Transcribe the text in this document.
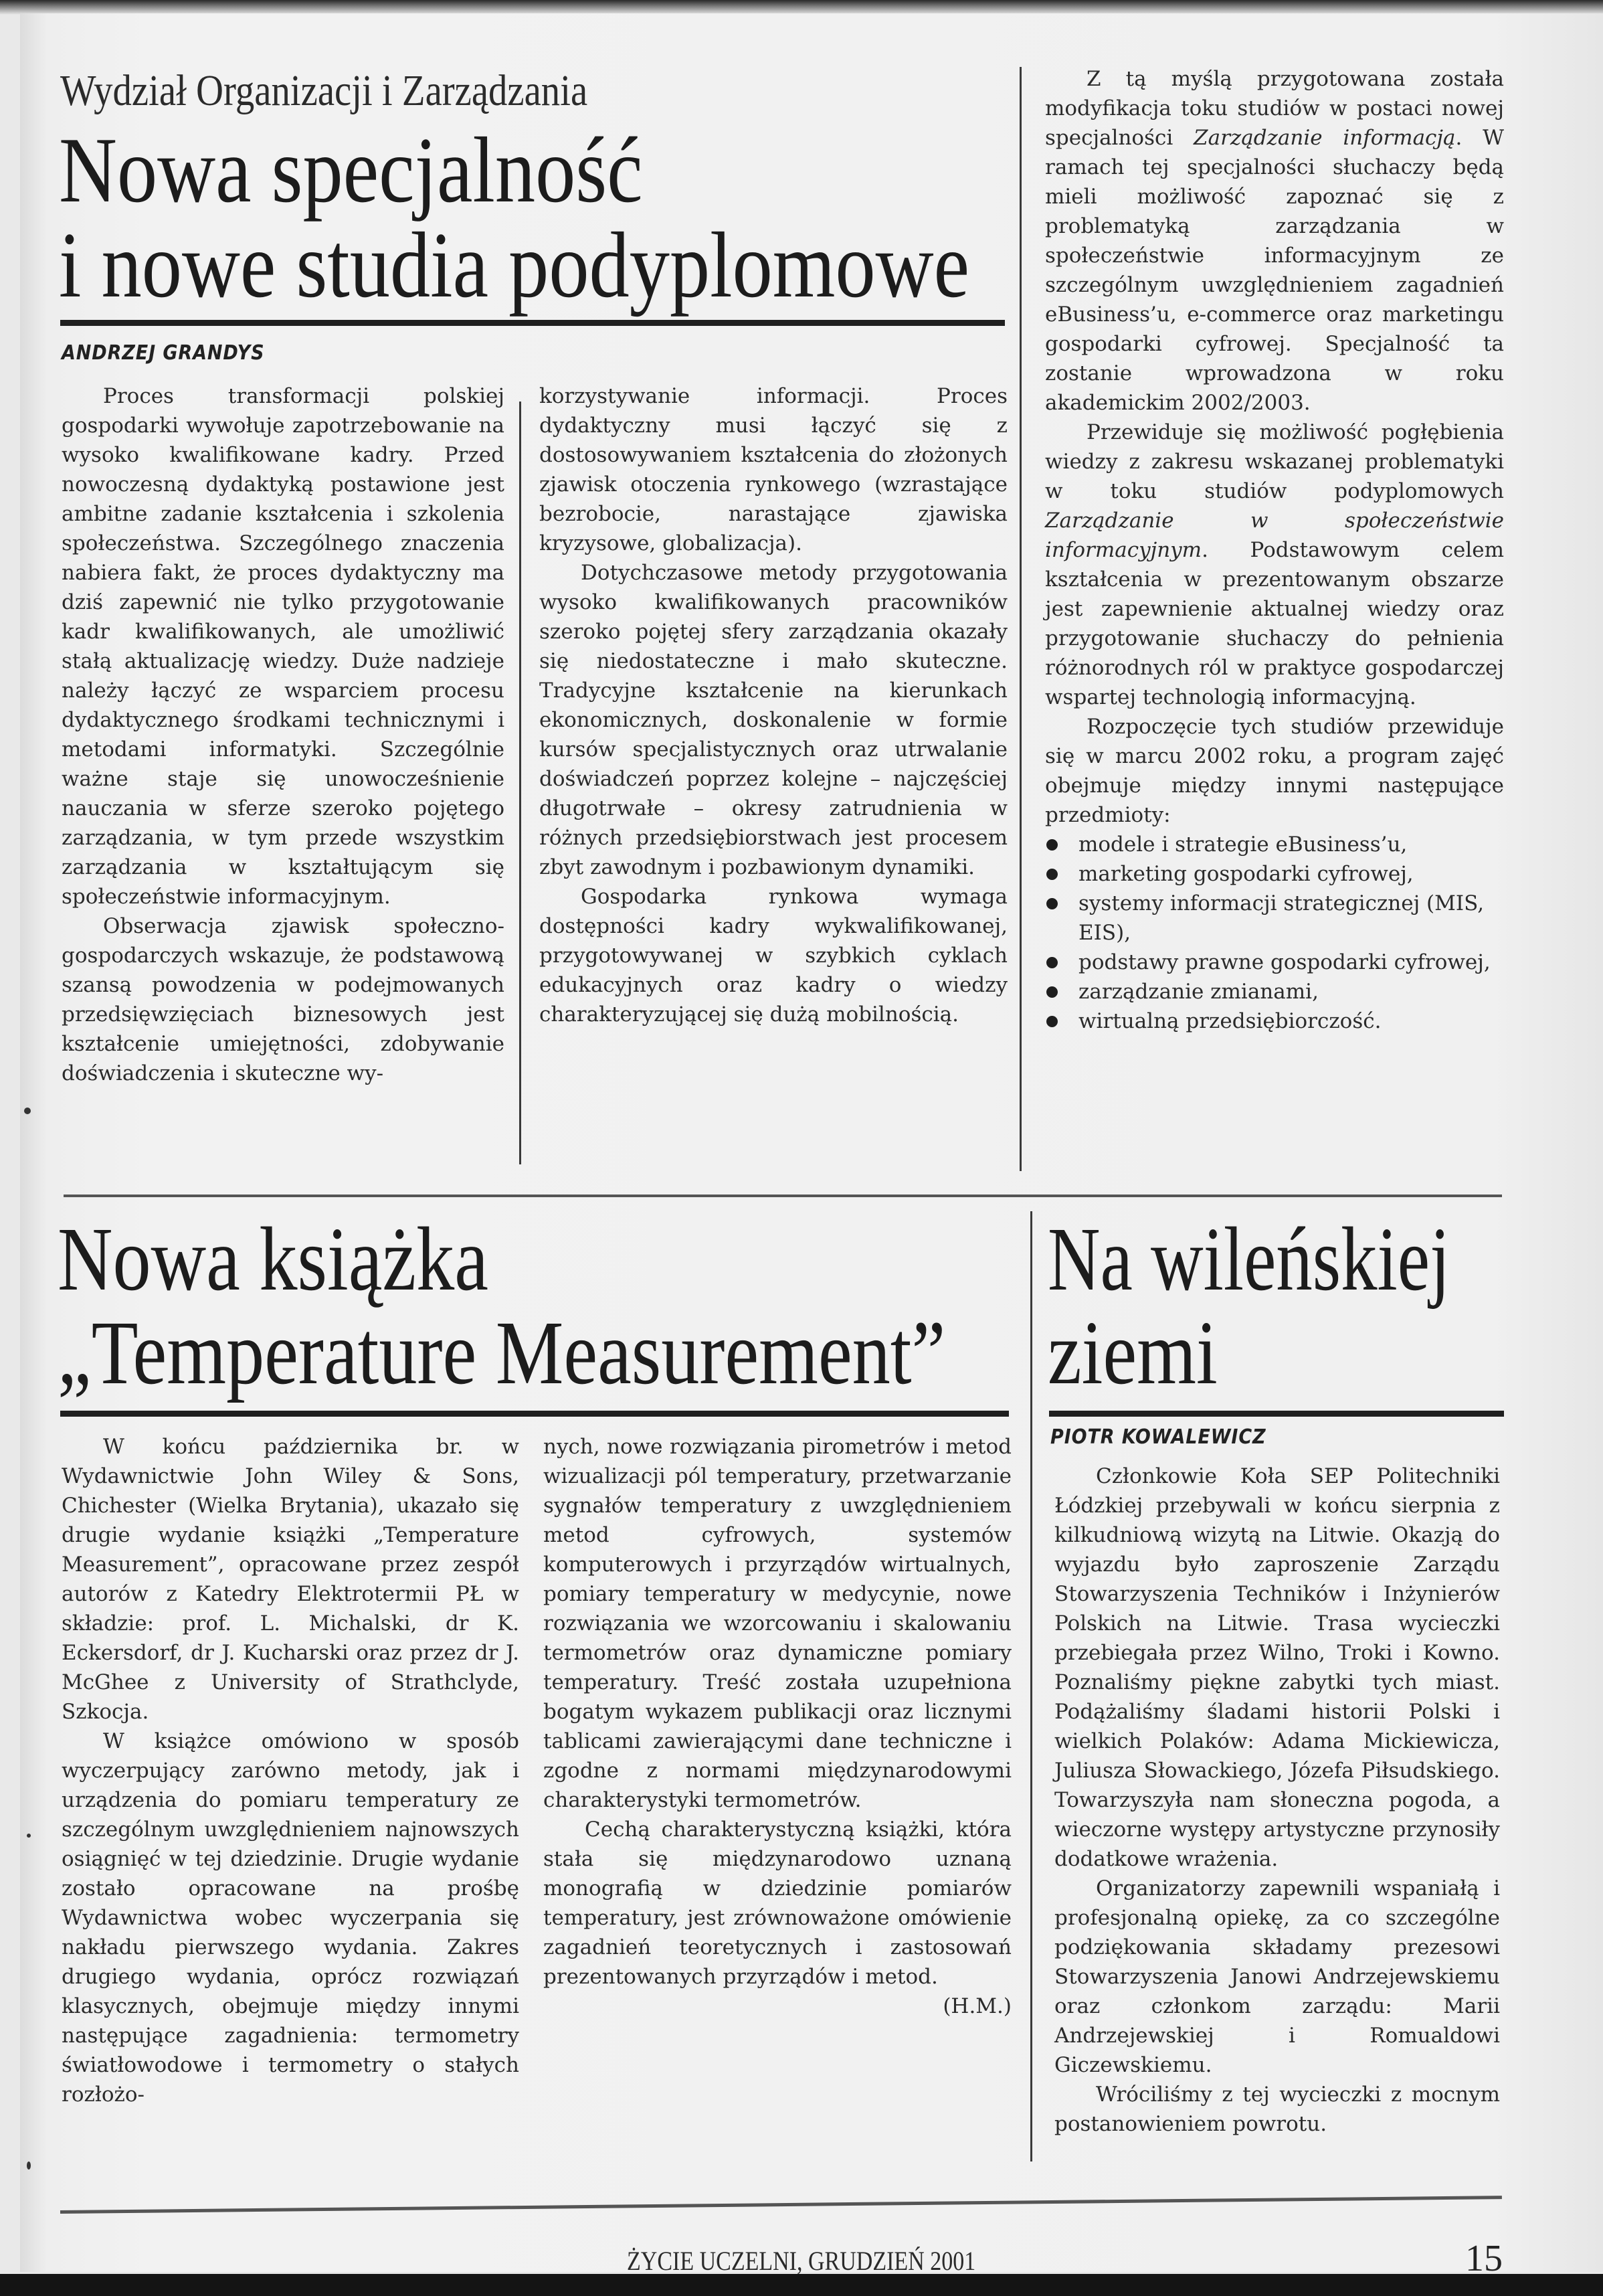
Wydział Organizacji i Zarządzania
Nowa specjalność
i nowe studia podyplomowe
ANDRZEJ GRANDYS

Proces transformacji polskiej gospodarki wywołuje zapotrzebowanie na wysoko kwalifikowane kadry. Przed nowoczesną dydaktyką postawione jest ambitne zadanie kształcenia i szkolenia społeczeństwa. Szczególnego znaczenia nabiera fakt, że proces dydaktyczny ma dziś zapewnić nie tylko przygotowanie kadr kwalifikowanych, ale umożliwić stałą aktualizację wiedzy. Duże nadzieje należy łączyć ze wsparciem procesu dydaktycznego środkami technicznymi i metodami informatyki. Szczególnie ważne staje się unowocześnienie nauczania w sferze szeroko pojętego zarządzania, w tym przede wszystkim zarządzania w kształtującym się społeczeństwie informacyjnym.

Obserwacja zjawisk społeczno-gospodarczych wskazuje, że podstawową szansą powodzenia w podejmowanych przedsięwzięciach biznesowych jest kształcenie umiejętności, zdobywanie doświadczenia i skuteczne wy-

korzystywanie informacji. Proces dydaktyczny musi łączyć się z dostosowywaniem kształcenia do złożonych zjawisk otoczenia rynkowego (wzrastające bezrobocie, narastające zjawiska kryzysowe, globalizacja).

Dotychczasowe metody przygotowania wysoko kwalifikowanych pracowników szeroko pojętej sfery zarządzania okazały się niedostateczne i mało skuteczne. Tradycyjne kształcenie na kierunkach ekonomicznych, doskonalenie w formie kursów specjalistycznych oraz utrwalanie doświadczeń poprzez kolejne – najczęściej długotrwałe – okresy zatrudnienia w różnych przedsiębiorstwach jest procesem zbyt zawodnym i pozbawionym dynamiki.

Gospodarka rynkowa wymaga dostępności kadry wykwalifikowanej, przygotowywanej w szybkich cyklach edukacyjnych oraz kadry o wiedzy charakteryzującej się dużą mobilnością.

Z tą myślą przygotowana została modyfikacja toku studiów w postaci nowej specjalności Zarządzanie informacją. W ramach tej specjalności słuchaczy będą mieli możliwość zapoznać się z problematyką zarządzania w społeczeństwie informacyjnym ze szczególnym uwzględnieniem zagadnień eBusiness’u, e-commerce oraz marketingu gospodarki cyfrowej. Specjalność ta zostanie wprowadzona w roku akademickim 2002/2003.

Przewiduje się możliwość pogłębienia wiedzy z zakresu wskazanej problematyki w toku studiów podyplomowych Zarządzanie w społeczeństwie informacyjnym. Podstawowym celem kształcenia w prezentowanym obszarze jest zapewnienie aktualnej wiedzy oraz przygotowanie słuchaczy do pełnienia różnorodnych ról w praktyce gospodarczej wspartej technologią informacyjną.

Rozpoczęcie tych studiów przewiduje się w marcu 2002 roku, a program zajęć obejmuje między innymi następujące przedmioty:

modele i strategie eBusiness’u,
marketing gospodarki cyfrowej,
systemy informacji strategicznej (MIS, EIS),
podstawy prawne gospodarki cyfrowej,
zarządzanie zmianami,
wirtualną przedsiębiorczość.
Nowa książka
„Temperature Measurement”
Na wileńskiej
ziemi
PIOTR KOWALEWICZ

W końcu października br. w Wydawnictwie John Wiley & Sons, Chichester (Wielka Brytania), ukazało się drugie wydanie książki „Temperature Measurement”, opracowane przez zespół autorów z Katedry Elektrotermii PŁ w składzie: prof. L. Michalski, dr K. Eckersdorf, dr J. Kucharski oraz przez dr J. McGhee z University of Strathclyde, Szkocja.

W książce omówiono w sposób wyczerpujący zarówno metody, jak i urządzenia do pomiaru temperatury ze szczególnym uwzględnieniem najnowszych osiągnięć w tej dziedzinie. Drugie wydanie zostało opracowane na prośbę Wydawnictwa wobec wyczerpania się nakładu pierwszego wydania. Zakres drugiego wydania, oprócz rozwiązań klasycznych, obejmuje między innymi następujące zagadnienia: termometry światłowodowe i termometry o stałych rozłożo-

nych, nowe rozwiązania pirometrów i metod wizualizacji pól temperatury, przetwarzanie sygnałów temperatury z uwzględnieniem metod cyfrowych, systemów komputerowych i przyrządów wirtualnych, pomiary temperatury w medycynie, nowe rozwiązania we wzorcowaniu i skalowaniu termometrów oraz dynamiczne pomiary temperatury. Treść została uzupełniona bogatym wykazem publikacji oraz licznymi tablicami zawierającymi dane techniczne i zgodne z normami międzynarodowymi charakterystyki termometrów.

Cechą charakterystyczną książki, która stała się międzynarodowo uznaną monografią w dziedzinie pomiarów temperatury, jest zrównoważone omówienie zagadnień teoretycznych i zastosowań prezentowanych przyrządów i metod.

(H.M.)

Członkowie Koła SEP Politechniki Łódzkiej przebywali w końcu sierpnia z kilkudniową wizytą na Litwie. Okazją do wyjazdu było zaproszenie Zarządu Stowarzyszenia Techników i Inżynierów Polskich na Litwie. Trasa wycieczki przebiegała przez Wilno, Troki i Kowno. Poznaliśmy piękne zabytki tych miast. Podążaliśmy śladami historii Polski i wielkich Polaków: Adama Mickiewicza, Juliusza Słowackiego, Józefa Piłsudskiego. Towarzyszyła nam słoneczna pogoda, a wieczorne występy artystyczne przynosiły dodatkowe wrażenia.

Organizatorzy zapewnili wspaniałą i profesjonalną opiekę, za co szczególne podziękowania składamy prezesowi Stowarzyszenia Janowi Andrzejewskiemu oraz członkom zarządu: Marii Andrzejewskiej i Romualdowi Giczewskiemu.

Wróciliśmy z tej wycieczki z mocnym postanowieniem powrotu.

ŻYCIE UCZELNI, GRUDZIEŃ 2001	15
